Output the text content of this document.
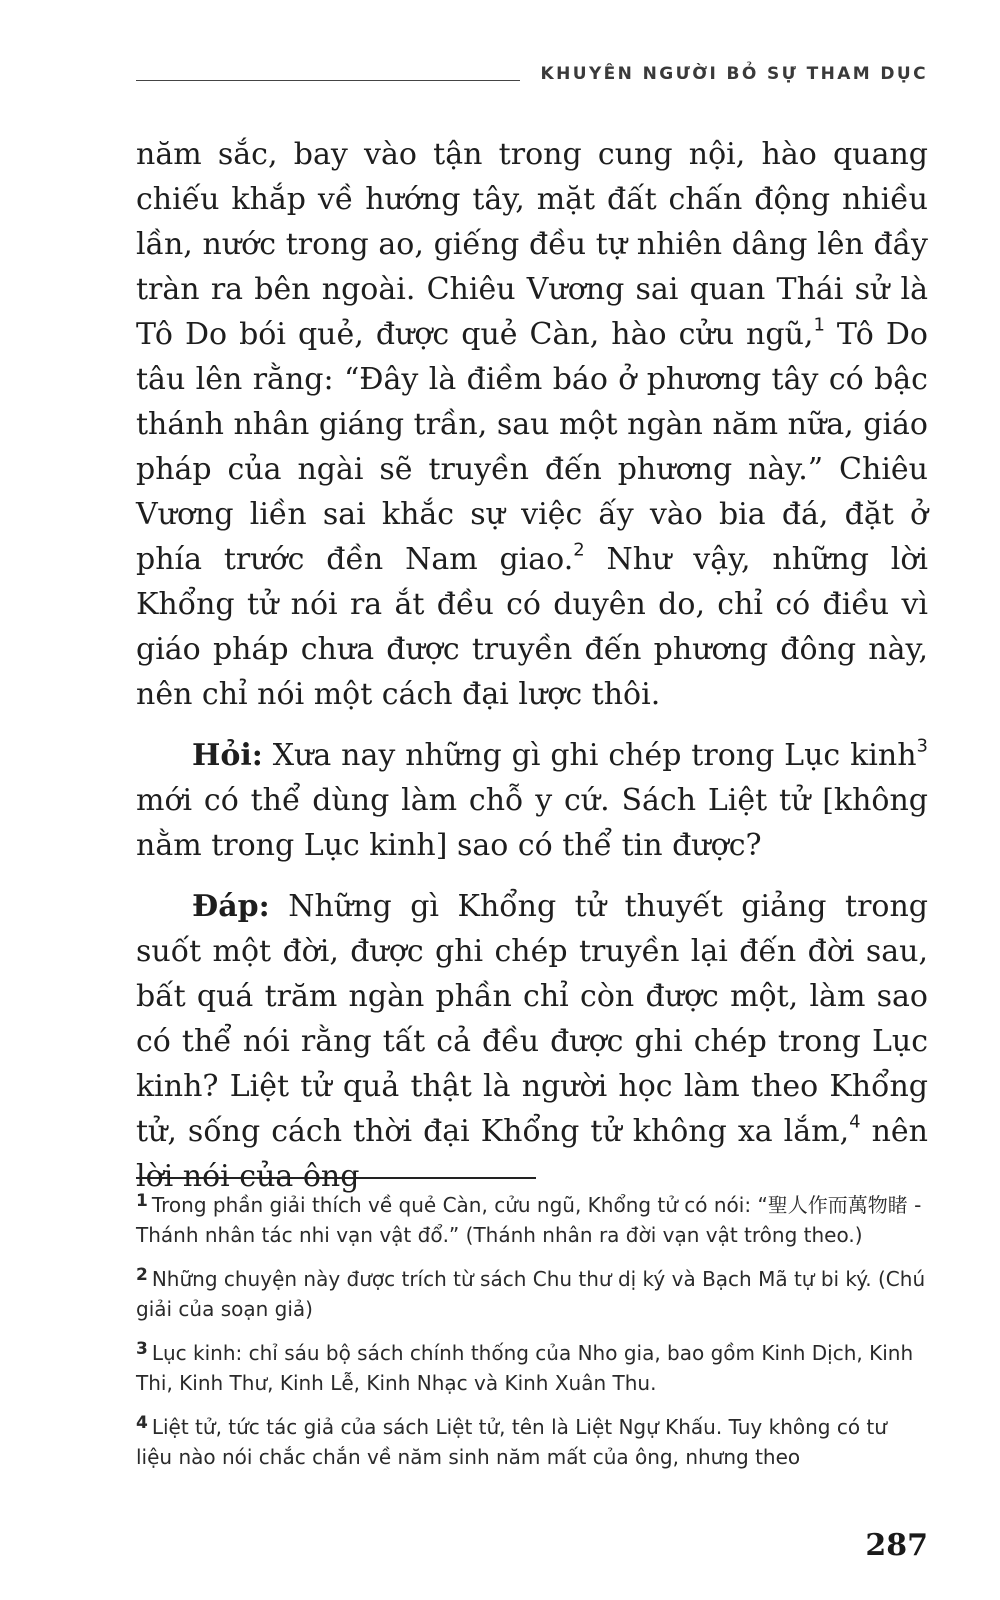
KHUYÊN NGƯỜI BỎ SỰ THAM DỤC

năm sắc, bay vào tận trong cung nội, hào quang chiếu khắp về hướng tây, mặt đất chấn động nhiều lần, nước trong ao, giếng đều tự nhiên dâng lên đầy tràn ra bên ngoài. Chiêu Vương sai quan Thái sử là Tô Do bói quẻ, được quẻ Càn, hào cửu ngũ,$^1$ Tô Do tâu lên rằng: “Đây là điềm báo ở phương tây có bậc thánh nhân giáng trần, sau một ngàn năm nữa, giáo pháp của ngài sẽ truyền đến phương này.” Chiêu Vương liền sai khắc sự việc ấy vào bia đá, đặt ở phía trước đền Nam giao.$^2$ Như vậy, những lời Khổng tử nói ra ắt đều có duyên do, chỉ có điều vì giáo pháp chưa được truyền đến phương đông này, nên chỉ nói một cách đại lược thôi.

Hỏi: Xưa nay những gì ghi chép trong Lục kinh$^3$ mới có thể dùng làm chỗ y cứ. Sách Liệt tử [không nằm trong Lục kinh] sao có thể tin được?

Đáp: Những gì Khổng tử thuyết giảng trong suốt một đời, được ghi chép truyền lại đến đời sau, bất quá trăm ngàn phần chỉ còn được một, làm sao có thể nói rằng tất cả đều được ghi chép trong Lục kinh? Liệt tử quả thật là người học làm theo Khổng tử, sống cách thời đại Khổng tử không xa lắm,$^4$ nên lời nói của ông

$^1$ Trong phần giải thích về quẻ Càn, cửu ngũ, Khổng tử có nói: “聖人作而萬物睹 - Thánh nhân tác nhi vạn vật đổ.” (Thánh nhân ra đời vạn vật trông theo.)
$^2$ Những chuyện này được trích từ sách Chu thư dị ký và Bạch Mã tự bi ký. (Chú giải của soạn giả)
$^3$ Lục kinh: chỉ sáu bộ sách chính thống của Nho gia, bao gồm Kinh Dịch, Kinh Thi, Kinh Thư, Kinh Lễ, Kinh Nhạc và Kinh Xuân Thu.
$^4$ Liệt tử, tức tác giả của sách Liệt tử, tên là Liệt Ngự Khấu. Tuy không có tư liệu nào nói chắc chắn về năm sinh năm mất của ông, nhưng theo
287
